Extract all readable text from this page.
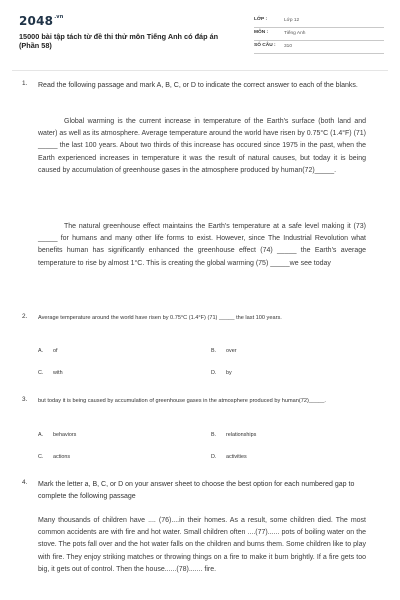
$2048^{.vn}$
15000 bài tập tách từ đề thi thử môn Tiếng Anh có đáp án (Phần 58)
LỚP :	Lớp 12
MÔN :	Tiếng Anh
SỐ CÂU : 310
1. Read the following passage and mark A, B, C, or D to indicate the correct answer to each of the blanks.
Global warming is the current increase in temperature of the Earth's surface (both land and water) as well as its atmosphere. Average temperature around the world have risen by 0.75°C (1.4°F) (71) _____ the last 100 years. About two thirds of this increase has occured since 1975 in the past, when the Earth experienced increases in temperature it was the result of natural causes, but today it is being caused by accumulation of greenhouse gases in the atmosphere produced by human(72)_____.
The natural greenhouse effect maintains the Earth's temperature at a safe level making it (73) _____ for humans and many other life forms to exist. However, since The Industrial Revolution what benefits human has significantly enhanced the greenhouse effect (74) _____ the Earth's average temperature to rise by almost 1°C. This is creating the global warming (75) _____we see today
2. Average temperature around the world have risen by 0.75°C (1.4°F) (71) _____ the last 100 years.
A. of	B. over
C. with	D. by
3. but today it is being caused by accumulation of greenhouse gases in the atmosphere produced by human(72)_____.
A. behaviors	B. relationships
C. actions	D. activities
4. Mark the letter a, B, C, or D on your answer sheet to choose the best option for each numbered gap to complete the following passage
Many thousands of children have .... (76)....in their homes. As a result, some children died. The most common accidents are with fire and hot water. Small children often ....(77)...... pots of boiling water on the stove. The pots fall over and the hot water falls on the children and burns them. Some children like to play with fire. They enjoy striking matches or throwing things on a fire to make it burn brightly. If a fire gets too big, it gets out of control. Then the house......(78)....... fire.
